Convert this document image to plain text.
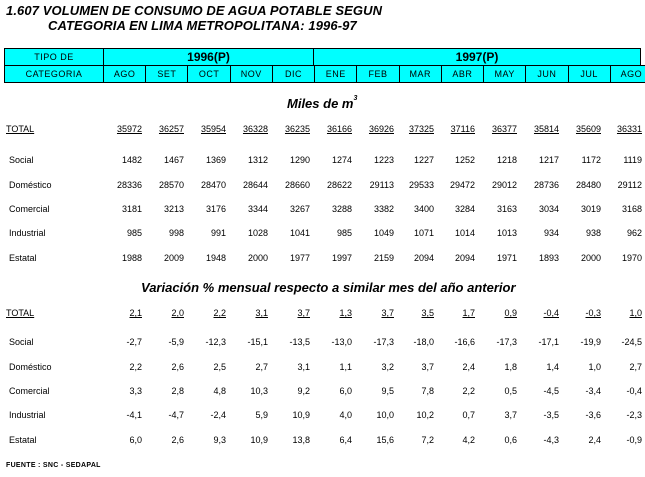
1.607 VOLUMEN DE CONSUMO DE AGUA POTABLE SEGUN
CATEGORIA EN LIMA METROPOLITANA: 1996-97
TIPO DE
CATEGORIA
1996(P)	1997(P)
AGO	SET	OCT	NOV	DIC	ENE	FEB	MAR	ABR	MAY	JUN	JUL	AGO
Miles de $m^3$
Variación % mensual respecto a similar mes del año anterior
TOTAL	35972	36257	35954	36328	36235	36166	36926	37325	37116	36377	35814	35609	36331
Social	1482	1467	1369	1312	1290	1274	1223	1227	1252	1218	1217	1172	1119
Doméstico	28336	28570	28470	28644	28660	28622	29113	29533	29472	29012	28736	28480	29112
Comercial	3181	3213	3176	3344	3267	3288	3382	3400	3284	3163	3034	3019	3168
Industrial	985	998	991	1028	1041	985	1049	1071	1014	1013	934	938	962
Estatal	1988	2009	1948	2000	1977	1997	2159	2094	2094	1971	1893	2000	1970
TOTAL	2,1	2,0	2,2	3,1	3,7	1,3	3,7	3,5	1,7	0,9	-0,4	-0,3	1,0
Social	-2,7	-5,9	-12,3	-15,1	-13,5	-13,0	-17,3	-18,0	-16,6	-17,3	-17,1	-19,9	-24,5
Doméstico	2,2	2,6	2,5	2,7	3,1	1,1	3,2	3,7	2,4	1,8	1,4	1,0	2,7
Comercial	3,3	2,8	4,8	10,3	9,2	6,0	9,5	7,8	2,2	0,5	-4,5	-3,4	-0,4
Industrial	-4,1	-4,7	-2,4	5,9	10,9	4,0	10,0	10,2	0,7	3,7	-3,5	-3,6	-2,3
Estatal	6,0	2,6	9,3	10,9	13,8	6,4	15,6	7,2	4,2	0,6	-4,3	2,4	-0,9
FUENTE : SNC - SEDAPAL
